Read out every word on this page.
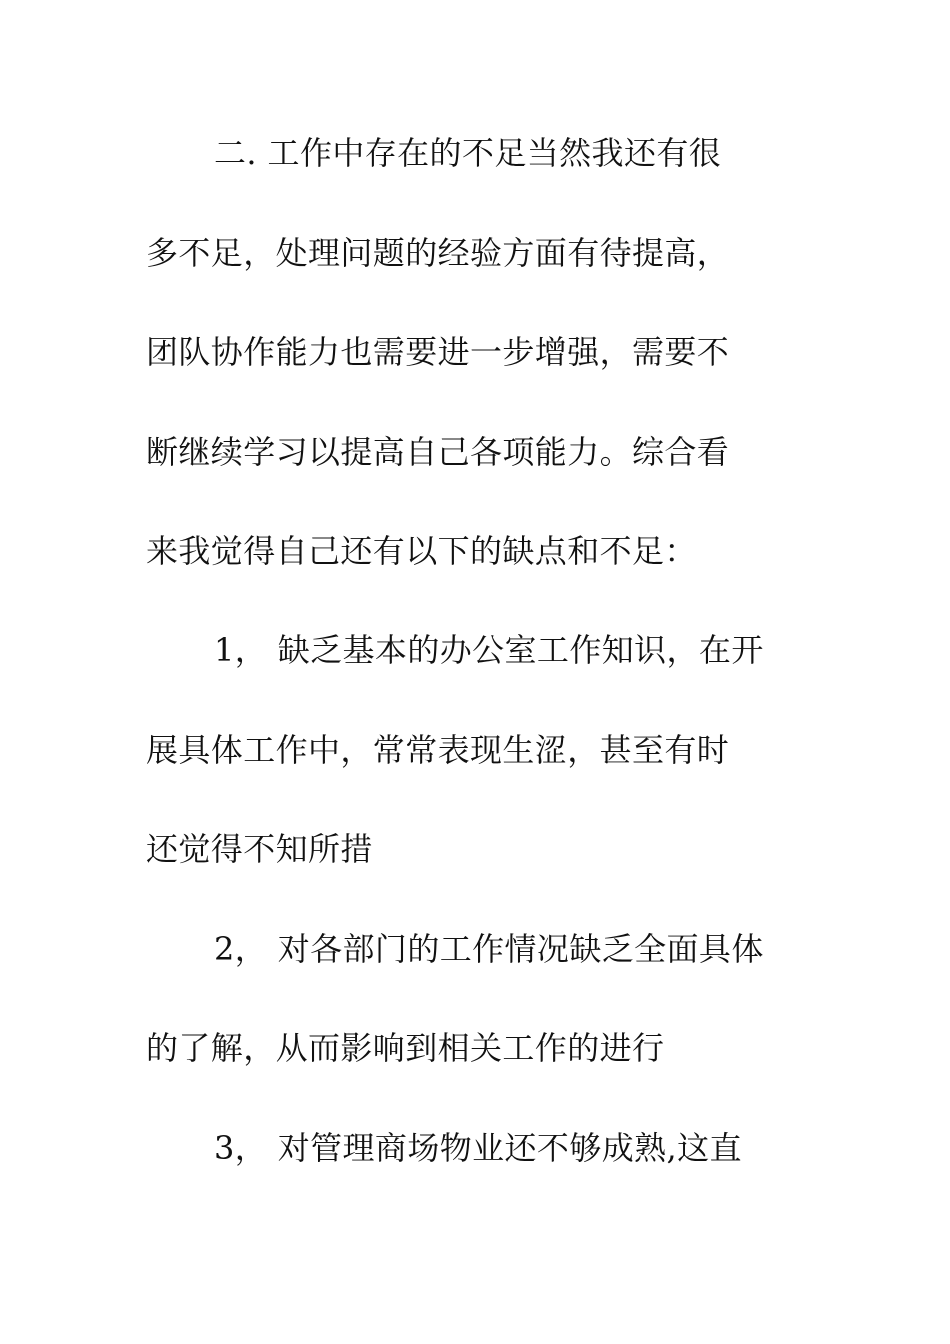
二. 工作中存在的不足当然我还有很
多不足，处理问题的经验方面有待提高，
团队协作能力也需要进一步增强，需要不
断继续学习以提高自己各项能力。综合看
来我觉得自己还有以下的缺点和不足：
1， 缺乏基本的办公室工作知识，在开
展具体工作中，常常表现生涩，甚至有时
还觉得不知所措
2， 对各部门的工作情况缺乏全面具体
的了解，从而影响到相关工作的进行
3， 对管理商场物业还不够成熟,这直
